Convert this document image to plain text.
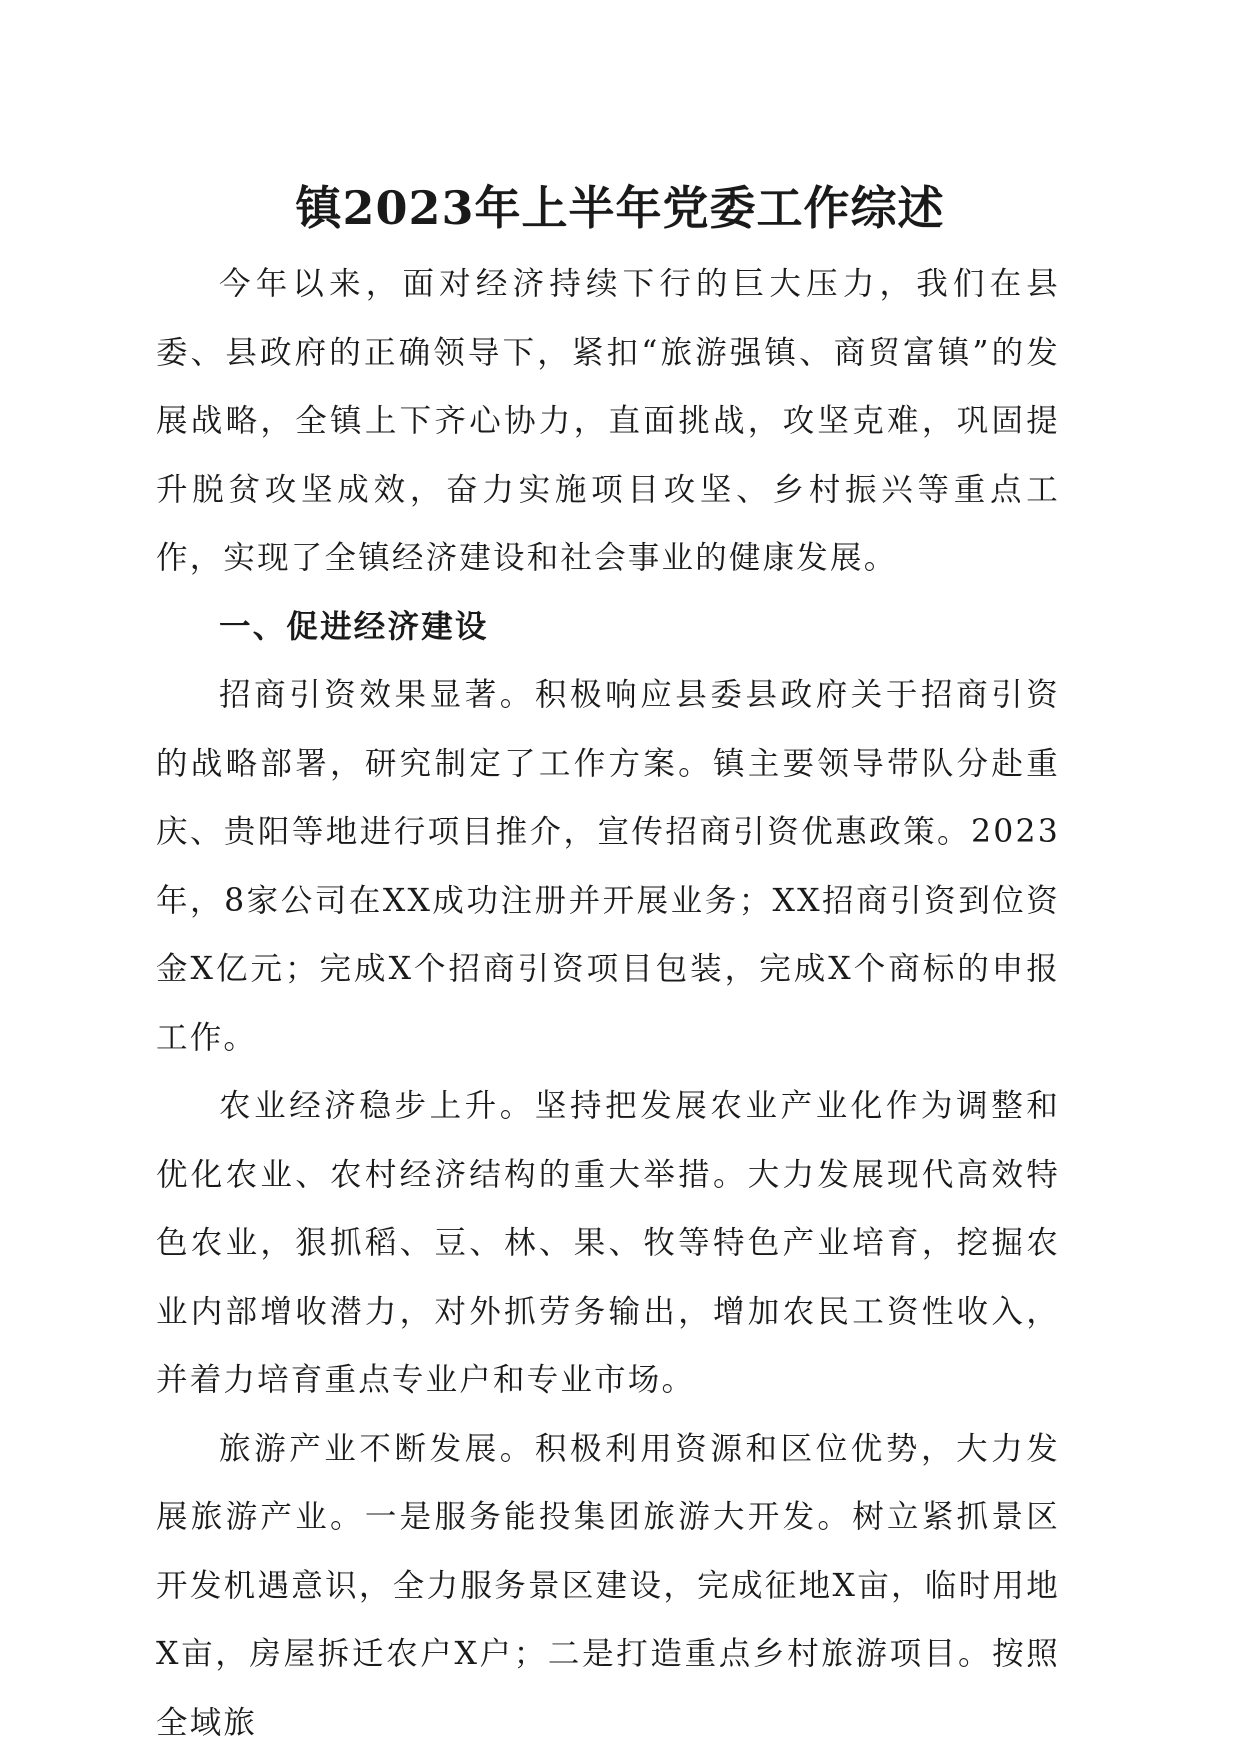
镇2023年上半年党委工作综述

今年以来，面对经济持续下行的巨大压力，我们在县委、县政府的正确领导下，紧扣“旅游强镇、商贸富镇”的发展战略，全镇上下齐心协力，直面挑战，攻坚克难，巩固提升脱贫攻坚成效，奋力实施项目攻坚、乡村振兴等重点工作，实现了全镇经济建设和社会事业的健康发展。

一、促进经济建设

招商引资效果显著。积极响应县委县政府关于招商引资的战略部署，研究制定了工作方案。镇主要领导带队分赴重庆、贵阳等地进行项目推介，宣传招商引资优惠政策。2023年，8家公司在XX成功注册并开展业务；XX招商引资到位资金X亿元；完成X个招商引资项目包装，完成X个商标的申报工作。

农业经济稳步上升。坚持把发展农业产业化作为调整和优化农业、农村经济结构的重大举措。大力发展现代高效特色农业，狠抓稻、豆、林、果、牧等特色产业培育，挖掘农业内部增收潜力，对外抓劳务输出，增加农民工资性收入，并着力培育重点专业户和专业市场。

旅游产业不断发展。积极利用资源和区位优势，大力发展旅游产业。一是服务能投集团旅游大开发。树立紧抓景区开发机遇意识，全力服务景区建设，完成征地X亩，临时用地X亩，房屋拆迁农户X户；二是打造重点乡村旅游项目。按照全域旅
